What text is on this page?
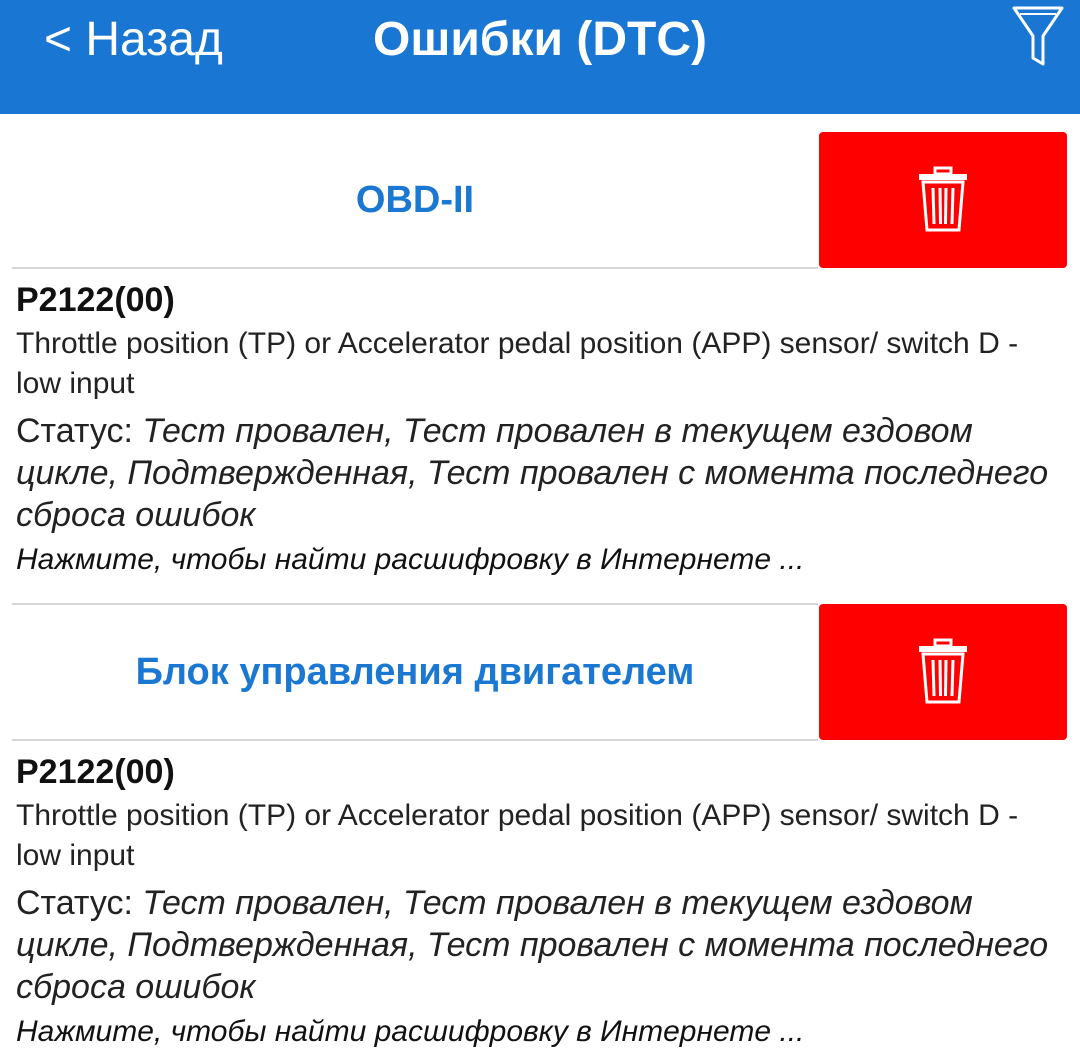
< Назад	Ошибки (DTC)
OBD-II
P2122(00)
Throttle position (TP) or Accelerator pedal position (APP) sensor/ switch D - low input
Статус: Тест провален, Тест провален в текущем ездовом цикле, Подтвержденная, Тест провален с момента последнего сброса ошибок
Нажмите, чтобы найти расшифровку в Интернете ...
Блок управления двигателем
P2122(00)
Throttle position (TP) or Accelerator pedal position (APP) sensor/ switch D - low input
Статус: Тест провален, Тест провален в текущем ездовом цикле, Подтвержденная, Тест провален с момента последнего сброса ошибок
Нажмите, чтобы найти расшифровку в Интернете ...
